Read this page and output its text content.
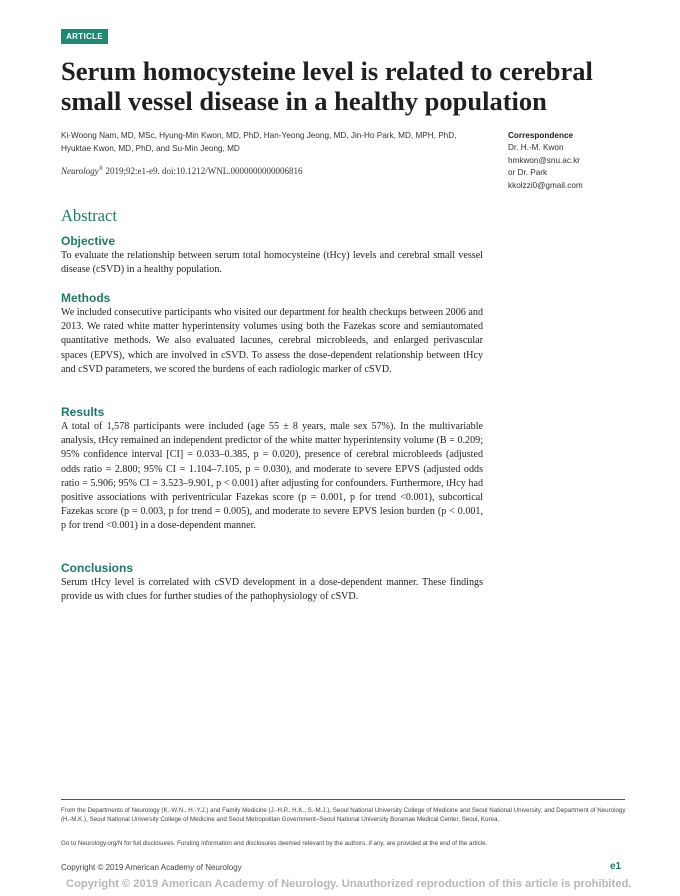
ARTICLE
Serum homocysteine level is related to cerebral
small vessel disease in a healthy population
Ki-Woong Nam, MD, MSc, Hyung-Min Kwon, MD, PhD, Han-Yeong Jeong, MD, Jin-Ho Park, MD, MPH, PhD,
Hyuktae Kwon, MD, PhD, and Su-Min Jeong, MD
Neurology® 2019;92:e1-e9. doi:10.1212/WNL.0000000000006816
Correspondence
Dr. H.-M. Kwon
hmkwon@snu.ac.kr
or Dr. Park
kkolzzi0@gmail.com
Abstract
Objective

To evaluate the relationship between serum total homocysteine (tHcy) levels and cerebral small vessel disease (cSVD) in a healthy population.

Methods

We included consecutive participants who visited our department for health checkups between 2006 and 2013. We rated white matter hyperintensity volumes using both the Fazekas score and semiautomated quantitative methods. We also evaluated lacunes, cerebral microbleeds, and enlarged perivascular spaces (EPVS), which are involved in cSVD. To assess the dose-dependent relationship between tHcy and cSVD parameters, we scored the burdens of each radiologic marker of cSVD.

Results

A total of 1,578 participants were included (age 55 ± 8 years, male sex 57%). In the multivariable analysis, tHcy remained an independent predictor of the white matter hyperintensity volume (B = 0.209; 95% confidence interval [CI] = 0.033–0.385, p = 0.020), presence of cerebral microbleeds (adjusted odds ratio = 2.800; 95% CI = 1.104–7.105, p = 0.030), and moderate to severe EPVS (adjusted odds ratio = 5.906; 95% CI = 3.523–9.901, p < 0.001) after adjusting for confounders. Furthermore, tHcy had positive associations with periventricular Fazekas score (p = 0.001, p for trend <0.001), subcortical Fazekas score (p = 0.003, p for trend = 0.005), and moderate to severe EPVS lesion burden (p < 0.001, p for trend <0.001) in a dose-dependent manner.

Conclusions

Serum tHcy level is correlated with cSVD development in a dose-dependent manner. These findings provide us with clues for further studies of the pathophysiology of cSVD.

From the Departments of Neurology (K.-W.N., H.-Y.J.) and Family Medicine (J.-H.P., H.K., S.-M.J.), Seoul National University College of Medicine and Seoul National University; and Department of Neurology (H.-M.K.), Seoul National University College of Medicine and Seoul Metropolitan Government–Seoul National University Boramae Medical Center, Seoul, Korea.
Go to Neurology.org/N for full disclosures. Funding information and disclosures deemed relevant by the authors, if any, are provided at the end of the article.
Copyright © 2019 American Academy of Neurology	e1
Copyright © 2019 American Academy of Neurology. Unauthorized reproduction of this article is prohibited.
